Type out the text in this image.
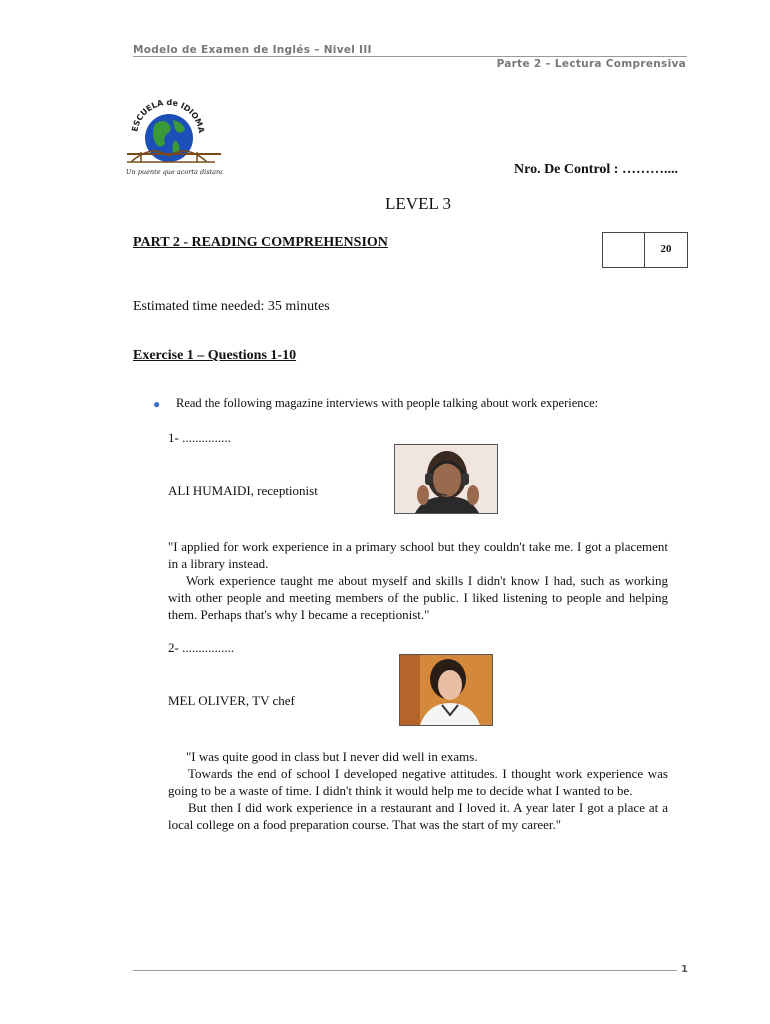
Modelo de Examen de Inglés – Nivel III
Parte 2 – Lectura Comprensiva
ESCUELA de IDIOMA
Un puente que acorta distancias	Nro. De Control : ………....
LEVEL 3
PART 2 - READING COMPREHENSION	20
Estimated time needed: 35 minutes
Exercise 1 – Questions 1-10
● Read the following magazine interviews with people talking about work experience:
1- ...............
ALI HUMAIDI, receptionist

"I applied for work experience in a primary school but they couldn't take me. I got a placement in a library instead.

Work experience taught me about myself and skills I didn't know I had, such as working with other people and meeting members of the public. I liked listening to people and helping them. Perhaps that's why I became a receptionist."

2- ................
MEL OLIVER, TV chef

"I was quite good in class but I never did well in exams.

Towards the end of school I developed negative attitudes. I thought work experience was going to be a waste of time. I didn't think it would help me to decide what I wanted to be.

But then I did work experience in a restaurant and I loved it. A year later I got a place at a local college on a food preparation course. That was the start of my career."

1
